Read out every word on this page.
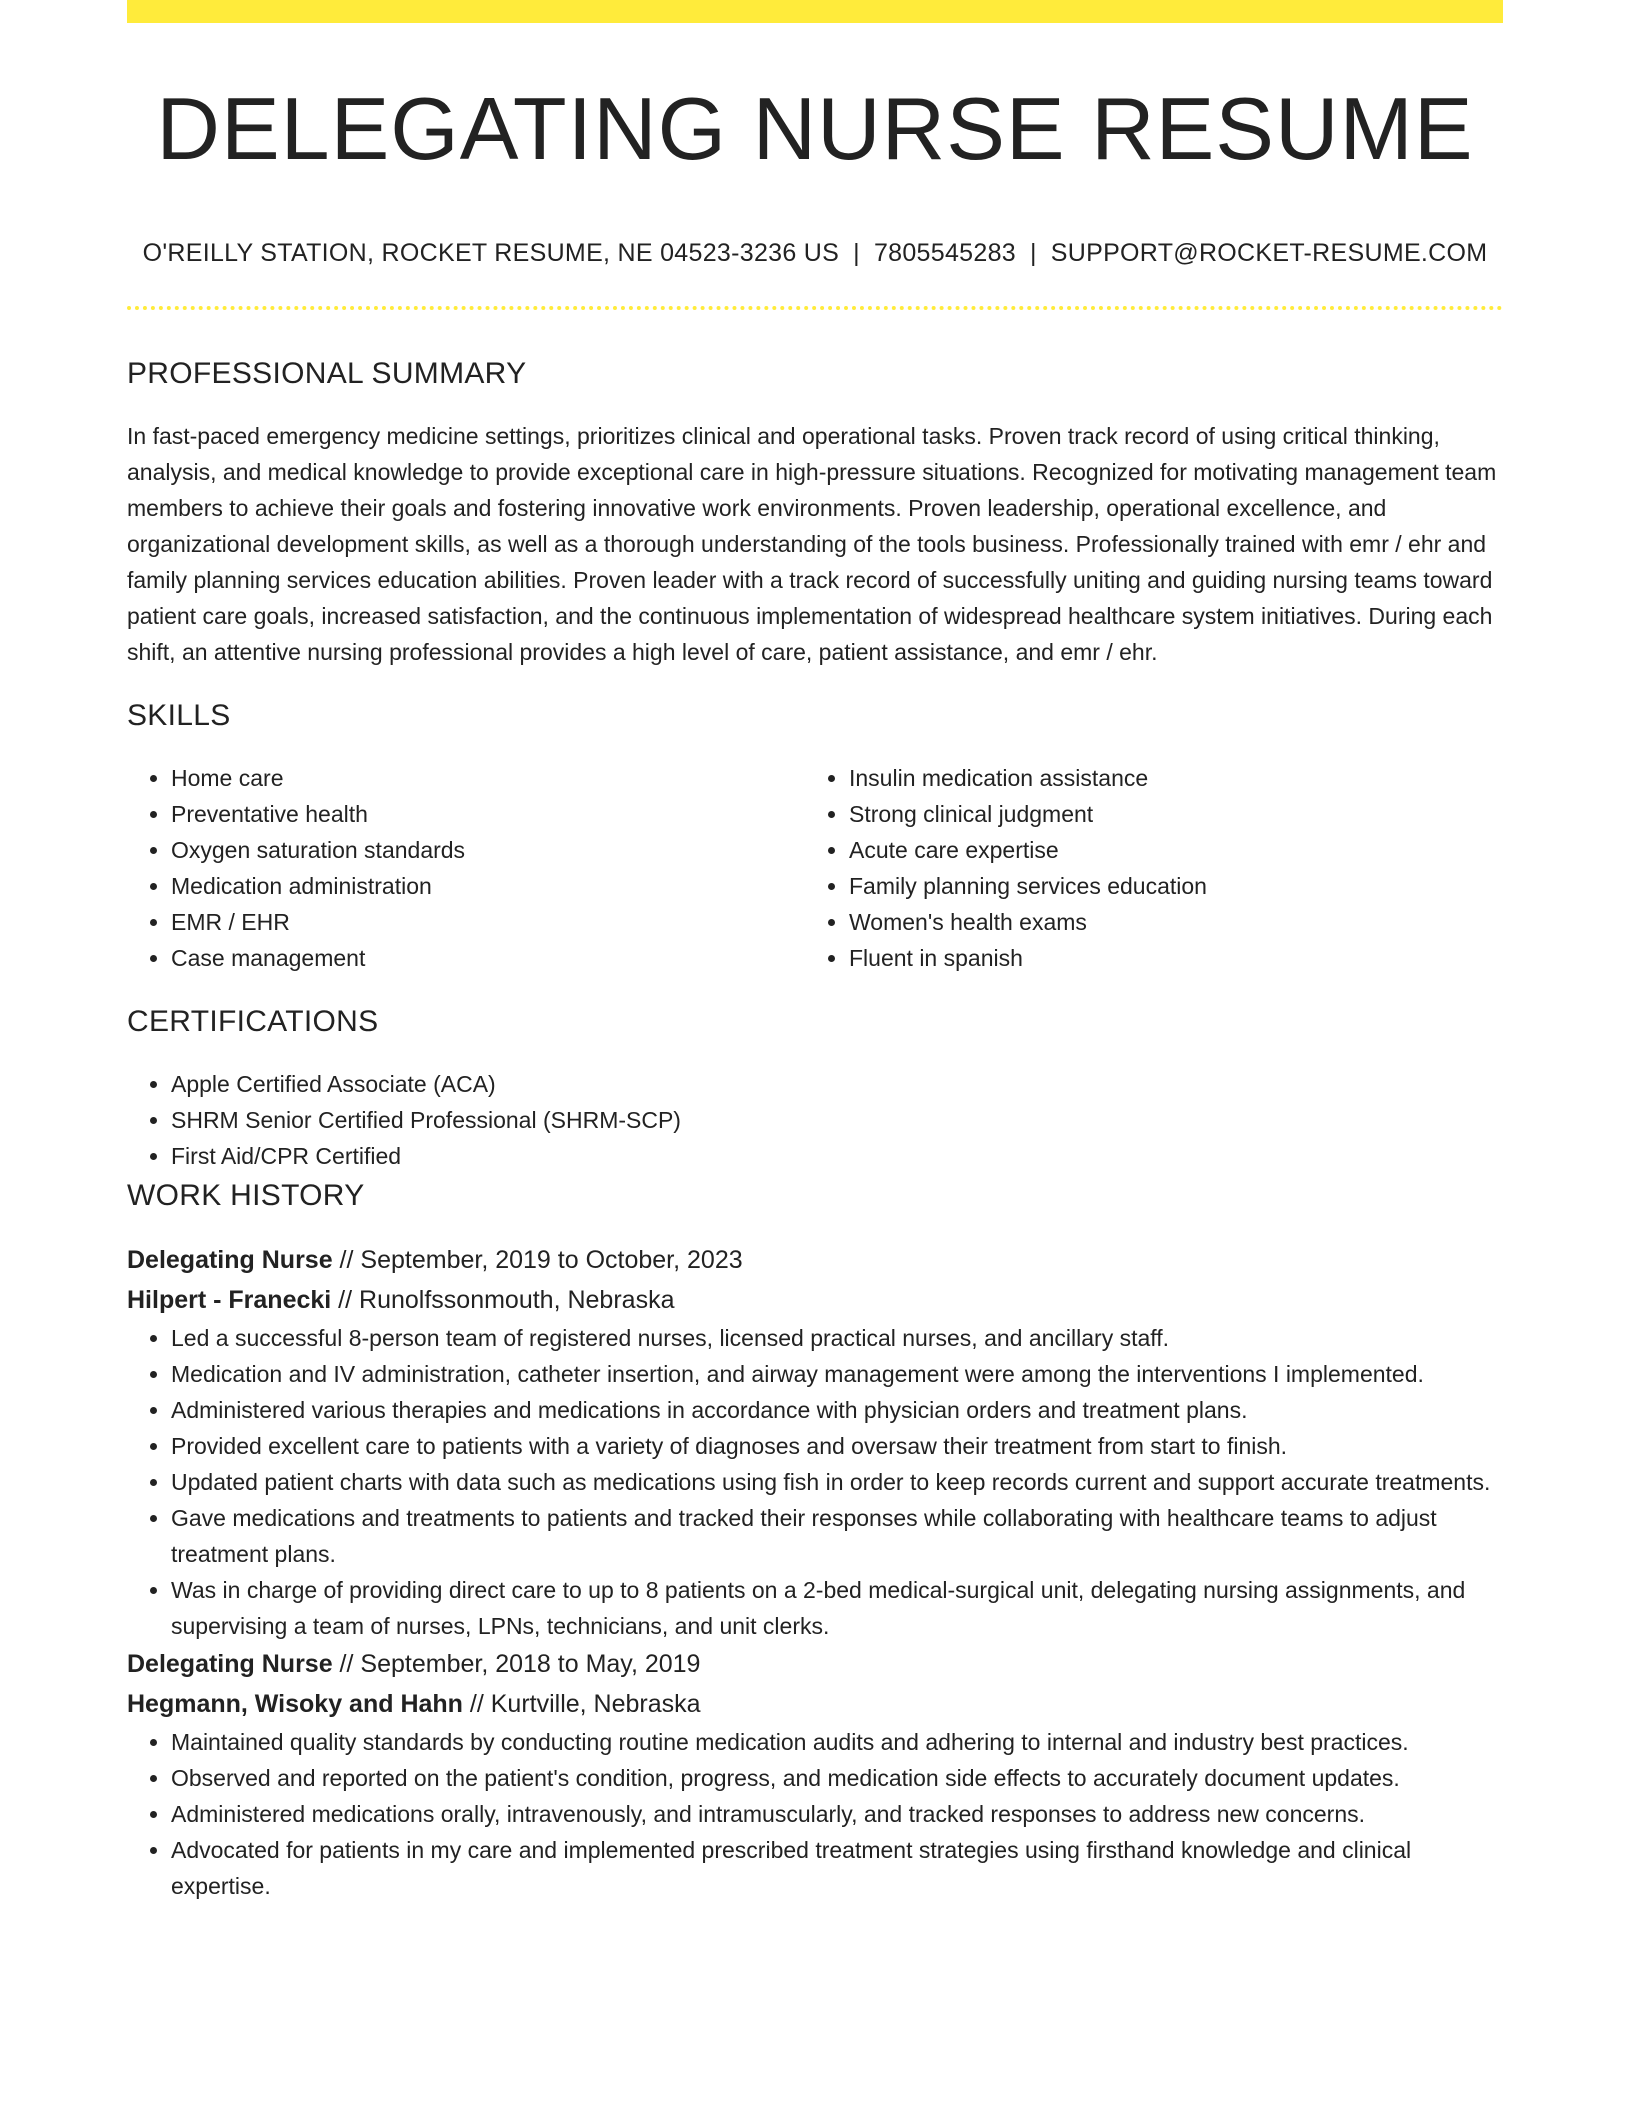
DELEGATING NURSE RESUME
O'REILLY STATION, ROCKET RESUME, NE 04523-3236 US | 7805545283 | SUPPORT@ROCKET-RESUME.COM
PROFESSIONAL SUMMARY

In fast-paced emergency medicine settings, prioritizes clinical and operational tasks. Proven track record of using critical thinking, analysis, and medical knowledge to provide exceptional care in high-pressure situations. Recognized for motivating management team members to achieve their goals and fostering innovative work environments. Proven leadership, operational excellence, and organizational development skills, as well as a thorough understanding of the tools business. Professionally trained with emr / ehr and family planning services education abilities. Proven leader with a track record of successfully uniting and guiding nursing teams toward patient care goals, increased satisfaction, and the continuous implementation of widespread healthcare system initiatives. During each shift, an attentive nursing professional provides a high level of care, patient assistance, and emr / ehr.

SKILLS
• Home care
• Preventative health
• Oxygen saturation standards
• Medication administration
• EMR / EHR
• Case management
• Insulin medication assistance
• Strong clinical judgment
• Acute care expertise
• Family planning services education
• Women's health exams
• Fluent in spanish
CERTIFICATIONS
• Apple Certified Associate (ACA)
• SHRM Senior Certified Professional (SHRM-SCP)
• First Aid/CPR Certified
WORK HISTORY
Delegating Nurse // September, 2019 to October, 2023
Hilpert - Franecki // Runolfssonmouth, Nebraska
• Led a successful 8-person team of registered nurses, licensed practical nurses, and ancillary staff.
• Medication and IV administration, catheter insertion, and airway management were among the interventions I implemented.
• Administered various therapies and medications in accordance with physician orders and treatment plans.
• Provided excellent care to patients with a variety of diagnoses and oversaw their treatment from start to finish.
• Updated patient charts with data such as medications using fish in order to keep records current and support accurate treatments.
• Gave medications and treatments to patients and tracked their responses while collaborating with healthcare teams to adjust treatment plans.
• Was in charge of providing direct care to up to 8 patients on a 2-bed medical-surgical unit, delegating nursing assignments, and supervising a team of nurses, LPNs, technicians, and unit clerks.
Delegating Nurse // September, 2018 to May, 2019
Hegmann, Wisoky and Hahn // Kurtville, Nebraska
• Maintained quality standards by conducting routine medication audits and adhering to internal and industry best practices.
• Observed and reported on the patient's condition, progress, and medication side effects to accurately document updates.
• Administered medications orally, intravenously, and intramuscularly, and tracked responses to address new concerns.
• Advocated for patients in my care and implemented prescribed treatment strategies using firsthand knowledge and clinical expertise.
